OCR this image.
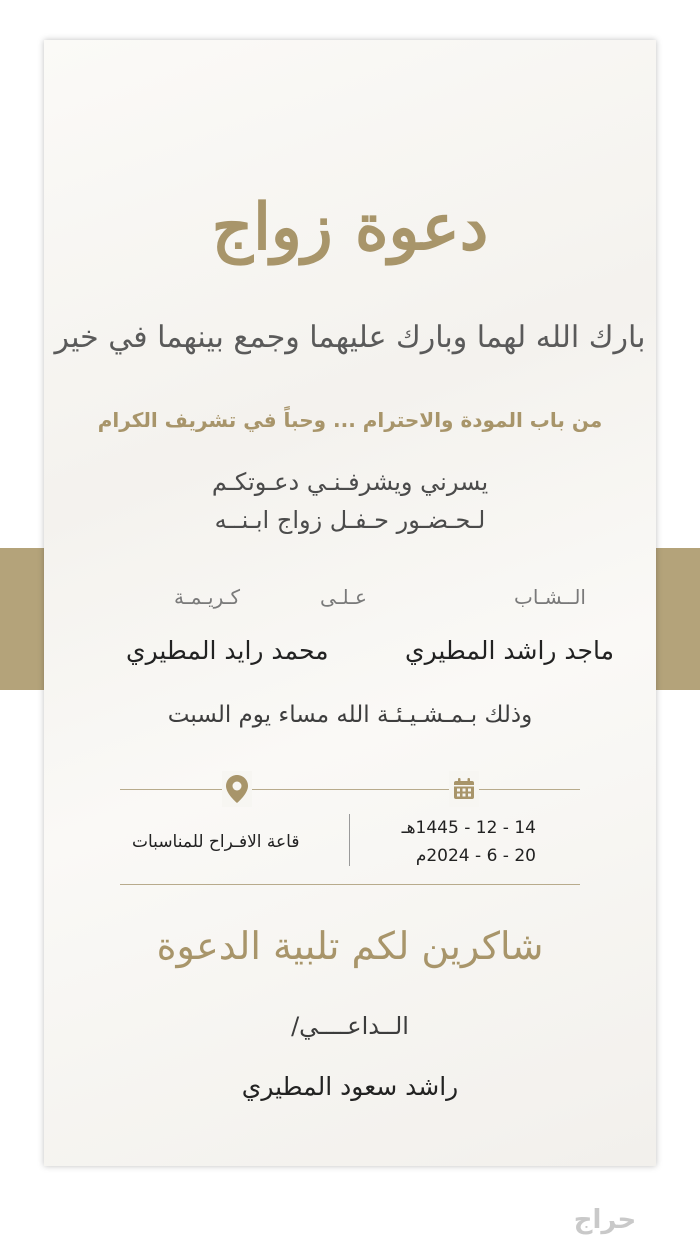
دعوة زواج
بارك الله لهما وبارك عليهما وجمع بينهما في خير
من باب المودة والاحترام ... وحباً في تشريف الكرام
يسرني ويشرفـنـي دعـوتكـم
لـحـضـور حـفـل زواج ابـنــه
الــشـاب
عـلـى
كـريـمـة
ماجد راشد المطيري
محمد رايد المطيري
وذلك بـمـشـيـئـة الله مساء يوم السبت
14 - 12 - 1445هـ
20 - 6 - 2024م
قاعة الافـراح للمناسبات
شاكرين لكم تلبية الدعوة
الــداعــــي/
راشد سعود المطيري
حراج
